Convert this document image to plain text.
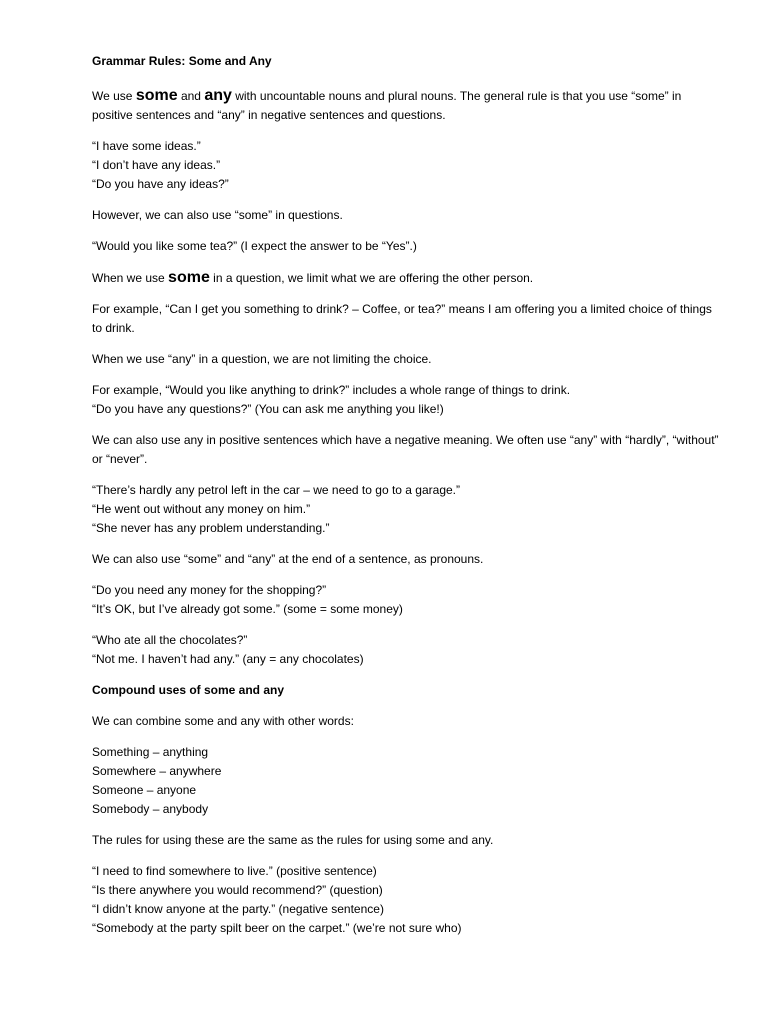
Grammar Rules: Some and Any

We use some and any with uncountable nouns and plural nouns. The general rule is that you use “some” in positive sentences and “any” in negative sentences and questions.

“I have some ideas.”
“I don’t have any ideas.”
“Do you have any ideas?”

However, we can also use “some” in questions.

“Would you like some tea?” (I expect the answer to be “Yes”.)

When we use some in a question, we limit what we are offering the other person.

For example, “Can I get you something to drink? – Coffee, or tea?” means I am offering you a limited choice of things to drink.

When we use “any” in a question, we are not limiting the choice.

For example, “Would you like anything to drink?” includes a whole range of things to drink.
“Do you have any questions?” (You can ask me anything you like!)

We can also use any in positive sentences which have a negative meaning. We often use “any” with “hardly”, “without” or “never”.

“There’s hardly any petrol left in the car – we need to go to a garage.”
“He went out without any money on him.”
“She never has any problem understanding.”

We can also use “some” and “any” at the end of a sentence, as pronouns.

“Do you need any money for the shopping?”
“It’s OK, but I’ve already got some.” (some = some money)
“Who ate all the chocolates?”
“Not me. I haven’t had any.” (any = any chocolates)
Compound uses of some and any

We can combine some and any with other words:

Something – anything
Somewhere – anywhere
Someone – anyone
Somebody – anybody

The rules for using these are the same as the rules for using some and any.

“I need to find somewhere to live.” (positive sentence)
“Is there anywhere you would recommend?” (question)
“I didn’t know anyone at the party.” (negative sentence)
“Somebody at the party spilt beer on the carpet.” (we’re not sure who)
